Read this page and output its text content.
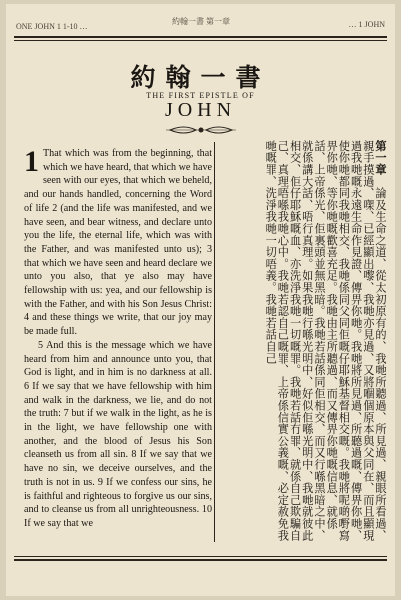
ONE JOHN 1 1-10 …
約翰一書 第一章	… 1 JOHN
約翰一書
THE FIRST EPISTLE OF
JOHN

1 That which was from the beginning, that which we have heard, that which we have seen with our eyes, that which we beheld, and our hands handled, concerning the Word of life 2 (and the life was manifested, and we have seen, and bear witness, and declare unto you the life, the eternal life, which was with the Father, and was manifested unto us); 3 that which we have seen and heard declare we unto you also, that ye also may have fellowship with us: yea, and our fellowship is with the Father, and with his Son Jesus Christ: 4 and these things we write, that our joy may be made full.

5 And this is the message which we have heard from him and announce unto you, that God is light, and in him is no darkness at all. 6 If we say that we have fellowship with him and walk in the darkness, we lie, and do not the truth: 7 but if we walk in the light, as he is in the light, we have fellowship one with another, and the blood of Jesus his Son cleanseth us from all sin. 8 If we say that we have no sin, we deceive ourselves, and the truth is not in us. 9 If we confess our sins, he is faithful and righteous to forgive us our sins, and to cleanse us from all unrighteousness. 10 If we say that we

第一章　論及生命之道、從太初原有的、我哋所聽過、所見過、親眼所看過、親手摸過、㗎、已經顯出嚟、我哋亦見過、又將嗰個原本與父同在、而且顯現過我哋嘅永遠生命作見證、傳畀你哋。我哋將所見過、所聽過嘅、傳畀你哋、使你哋都同我哋相交、我哋係同父同佢嘅仔耶穌基督相交嘅。我哋將呢啲嘢寫畀你哋、等你哋嘅歡喜充足。我哋由主所聽過、而又傳畀你哋嘅信息、就係話、上帝係光、佢裏頭並無黑暗。我哋若話係同佢相交、而又行喺黑暗之中、就係講大話、唔行真理。如果我哋行喺光明中、好似佢喺光明中、我哋就彼此相交、佢仔耶穌嘅血、亦洗淨我哋一切嘅罪。我哋若話冇罪、就係自己欺騙自己、真理唔喺我哋心中。我哋若認自己嘅罪、上帝係信實公義嘅、必定赦免我哋嘅罪、洗淨我哋一切唔義。我哋若話自己
